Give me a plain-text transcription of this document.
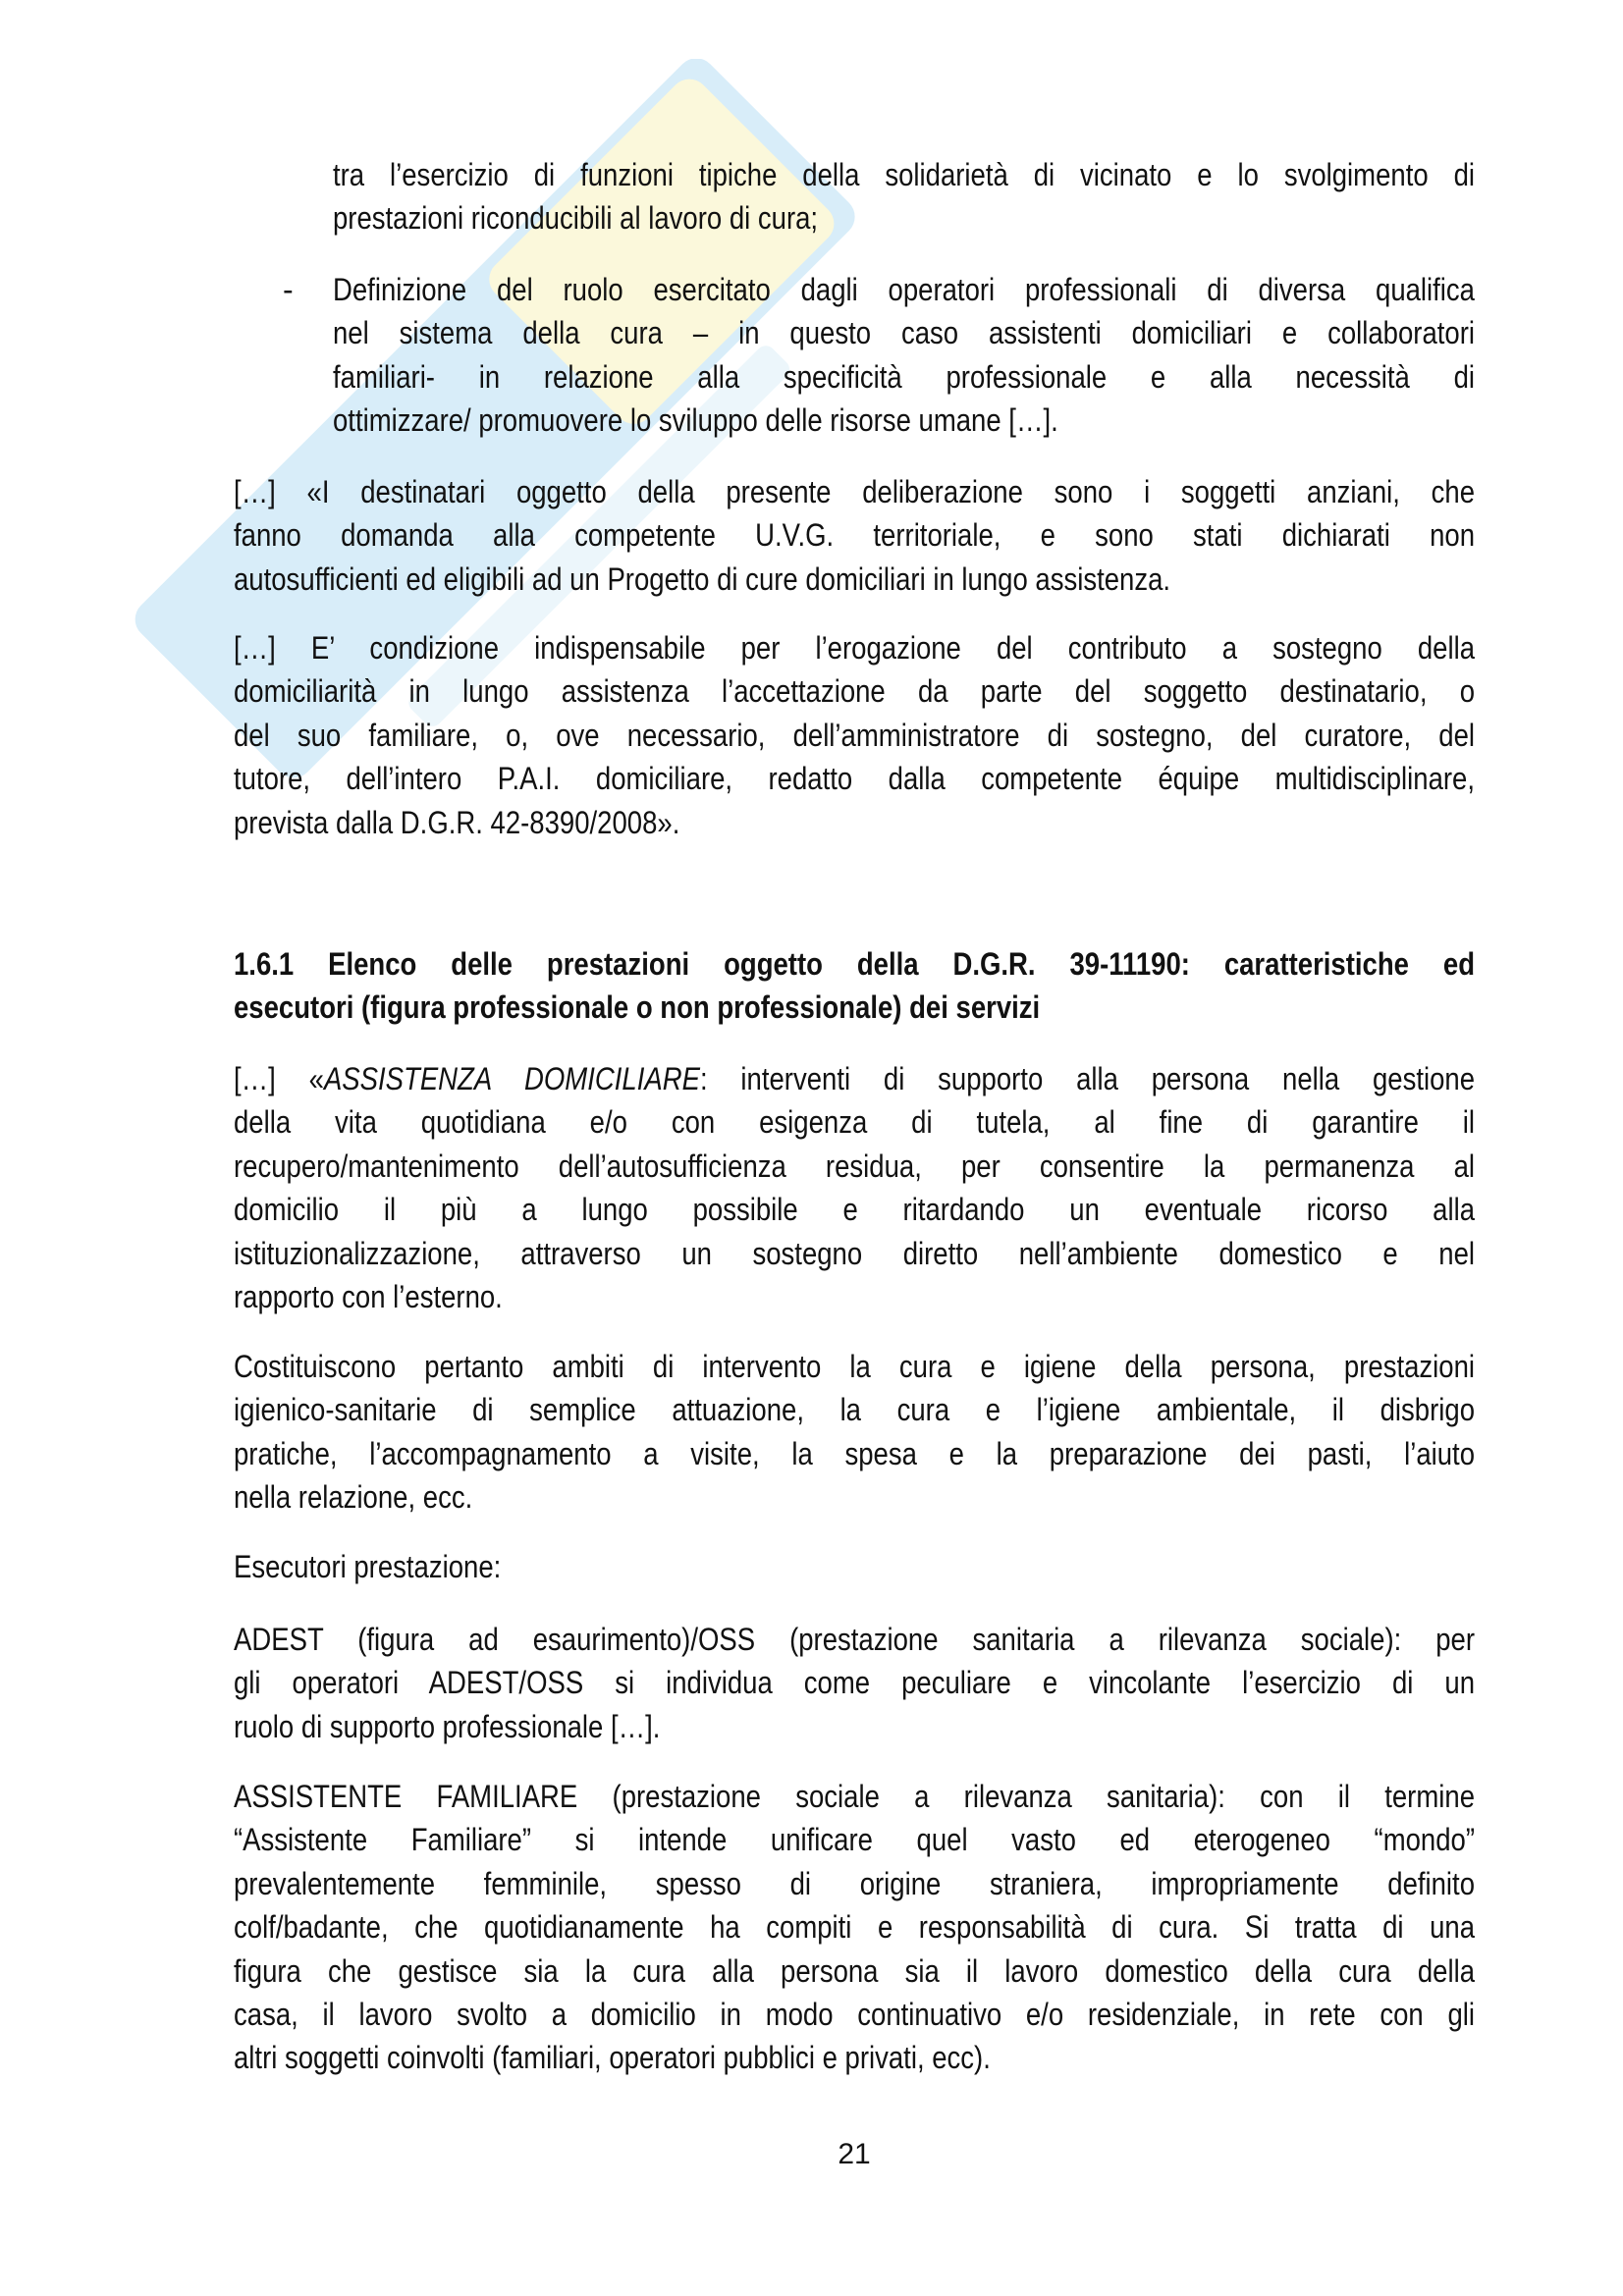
tra l’esercizio di funzioni tipiche della solidarietà di vicinato e lo svolgimento di
prestazioni riconducibili al lavoro di cura;
- Definizione del ruolo esercitato dagli operatori professionali di diversa qualifica
nel sistema della cura – in questo caso assistenti domiciliari e collaboratori
familiari- in relazione alla specificità professionale e alla necessità di
ottimizzare/ promuovere lo sviluppo delle risorse umane […].
[…] «I destinatari oggetto della presente deliberazione sono i soggetti anziani, che
fanno domanda alla competente U.V.G. territoriale, e sono stati dichiarati non
autosufficienti ed eligibili ad un Progetto di cure domiciliari in lungo assistenza.
[…] E’ condizione indispensabile per l’erogazione del contributo a sostegno della
domiciliarità in lungo assistenza l’accettazione da parte del soggetto destinatario, o
del suo familiare, o, ove necessario, dell’amministratore di sostegno, del curatore, del
tutore, dell’intero P.A.I. domiciliare, redatto dalla competente équipe multidisciplinare,
prevista dalla D.G.R. 42-8390/2008».
1.6.1 Elenco delle prestazioni oggetto della D.G.R. 39-11190: caratteristiche ed
esecutori (figura professionale o non professionale) dei servizi
[…] «ASSISTENZA DOMICILIARE: interventi di supporto alla persona nella gestione
della vita quotidiana e/o con esigenza di tutela, al fine di garantire il
recupero/mantenimento dell’autosufficienza residua, per consentire la permanenza al
domicilio il più a lungo possibile e ritardando un eventuale ricorso alla
istituzionalizzazione, attraverso un sostegno diretto nell’ambiente domestico e nel
rapporto con l’esterno.
Costituiscono pertanto ambiti di intervento la cura e igiene della persona, prestazioni
igienico-sanitarie di semplice attuazione, la cura e l’igiene ambientale, il disbrigo
pratiche, l’accompagnamento a visite, la spesa e la preparazione dei pasti, l’aiuto
nella relazione, ecc.
Esecutori prestazione:
ADEST (figura ad esaurimento)/OSS (prestazione sanitaria a rilevanza sociale): per
gli operatori ADEST/OSS si individua come peculiare e vincolante l’esercizio di un
ruolo di supporto professionale […].
ASSISTENTE FAMILIARE (prestazione sociale a rilevanza sanitaria): con il termine
“Assistente Familiare” si intende unificare quel vasto ed eterogeneo “mondo”
prevalentemente femminile, spesso di origine straniera, impropriamente definito
colf/badante, che quotidianamente ha compiti e responsabilità di cura. Si tratta di una
figura che gestisce sia la cura alla persona sia il lavoro domestico della cura della
casa, il lavoro svolto a domicilio in modo continuativo e/o residenziale, in rete con gli
altri soggetti coinvolti (familiari, operatori pubblici e privati, ecc).
21
